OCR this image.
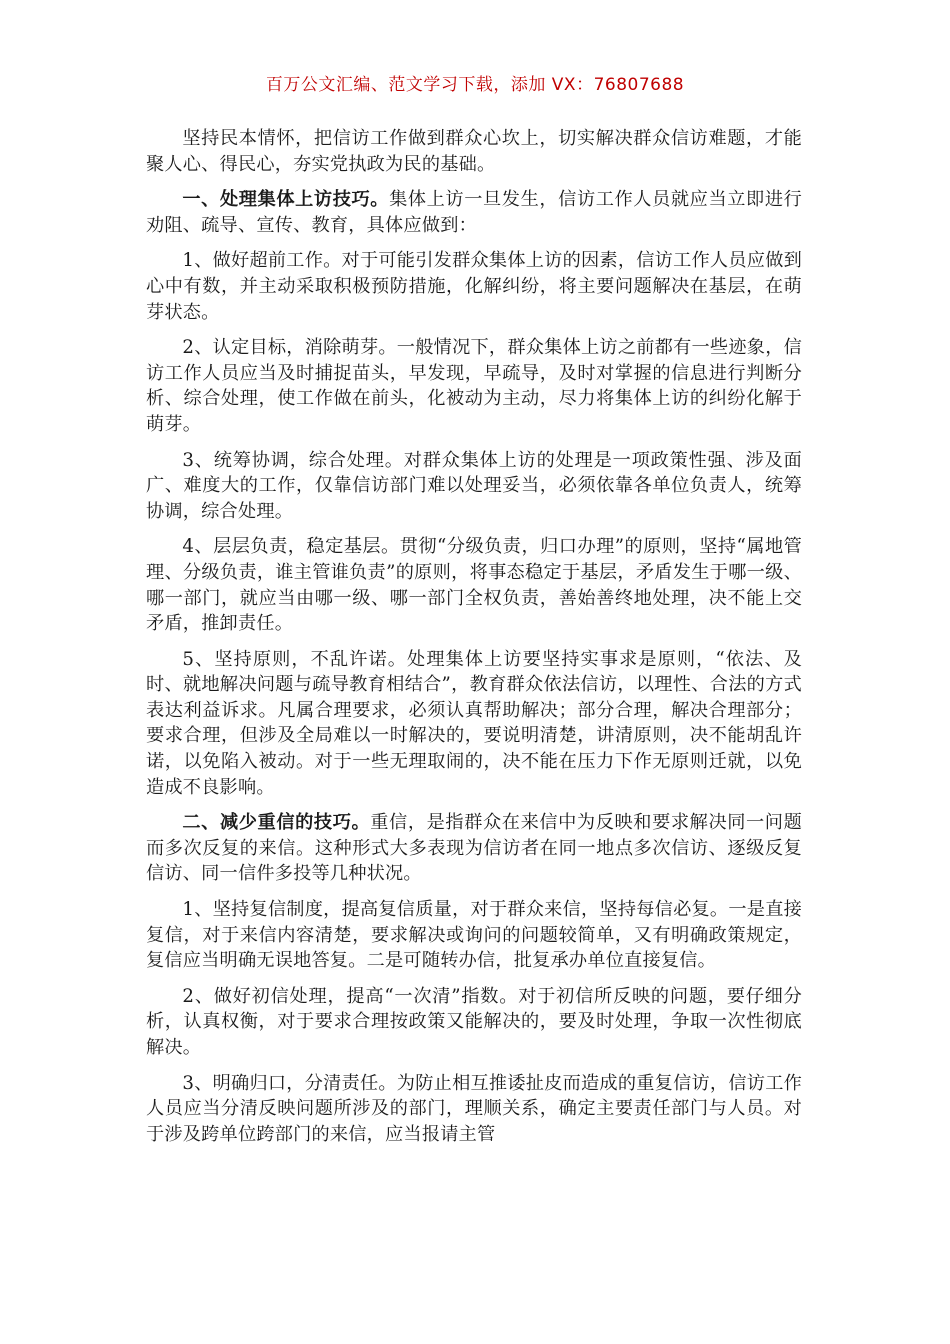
百万公文汇编、范文学习下载，添加 VX：76807688

坚持民本情怀，把信访工作做到群众心坎上，切实解决群众信访难题，才能聚人心、得民心，夯实党执政为民的基础。

一、处理集体上访技巧。集体上访一旦发生，信访工作人员就应当立即进行劝阻、疏导、宣传、教育，具体应做到：

1、做好超前工作。对于可能引发群众集体上访的因素，信访工作人员应做到心中有数，并主动采取积极预防措施，化解纠纷，将主要问题解决在基层，在萌芽状态。

2、认定目标，消除萌芽。一般情况下，群众集体上访之前都有一些迹象，信访工作人员应当及时捕捉苗头，早发现，早疏导，及时对掌握的信息进行判断分析、综合处理，使工作做在前头，化被动为主动，尽力将集体上访的纠纷化解于萌芽。

3、统筹协调，综合处理。对群众集体上访的处理是一项政策性强、涉及面广、难度大的工作，仅靠信访部门难以处理妥当，必须依靠各单位负责人，统筹协调，综合处理。

4、层层负责，稳定基层。贯彻“分级负责，归口办理”的原则，坚持“属地管理、分级负责，谁主管谁负责”的原则，将事态稳定于基层，矛盾发生于哪一级、哪一部门，就应当由哪一级、哪一部门全权负责，善始善终地处理，决不能上交矛盾，推卸责任。

5、坚持原则，不乱许诺。处理集体上访要坚持实事求是原则，“依法、及时、就地解决问题与疏导教育相结合”，教育群众依法信访，以理性、合法的方式表达利益诉求。凡属合理要求，必须认真帮助解决；部分合理，解决合理部分；要求合理，但涉及全局难以一时解决的，要说明清楚，讲清原则，决不能胡乱许诺，以免陷入被动。对于一些无理取闹的，决不能在压力下作无原则迁就，以免造成不良影响。

二、减少重信的技巧。重信，是指群众在来信中为反映和要求解决同一问题而多次反复的来信。这种形式大多表现为信访者在同一地点多次信访、逐级反复信访、同一信件多投等几种状况。

1、坚持复信制度，提高复信质量，对于群众来信，坚持每信必复。一是直接复信，对于来信内容清楚，要求解决或询问的问题较简单，又有明确政策规定，复信应当明确无误地答复。二是可随转办信，批复承办单位直接复信。

2、做好初信处理，提高“一次清”指数。对于初信所反映的问题，要仔细分析，认真权衡，对于要求合理按政策又能解决的，要及时处理，争取一次性彻底解决。

3、明确归口，分清责任。为防止相互推诿扯皮而造成的重复信访，信访工作人员应当分清反映问题所涉及的部门，理顺关系，确定主要责任部门与人员。对于涉及跨单位跨部门的来信，应当报请主管
